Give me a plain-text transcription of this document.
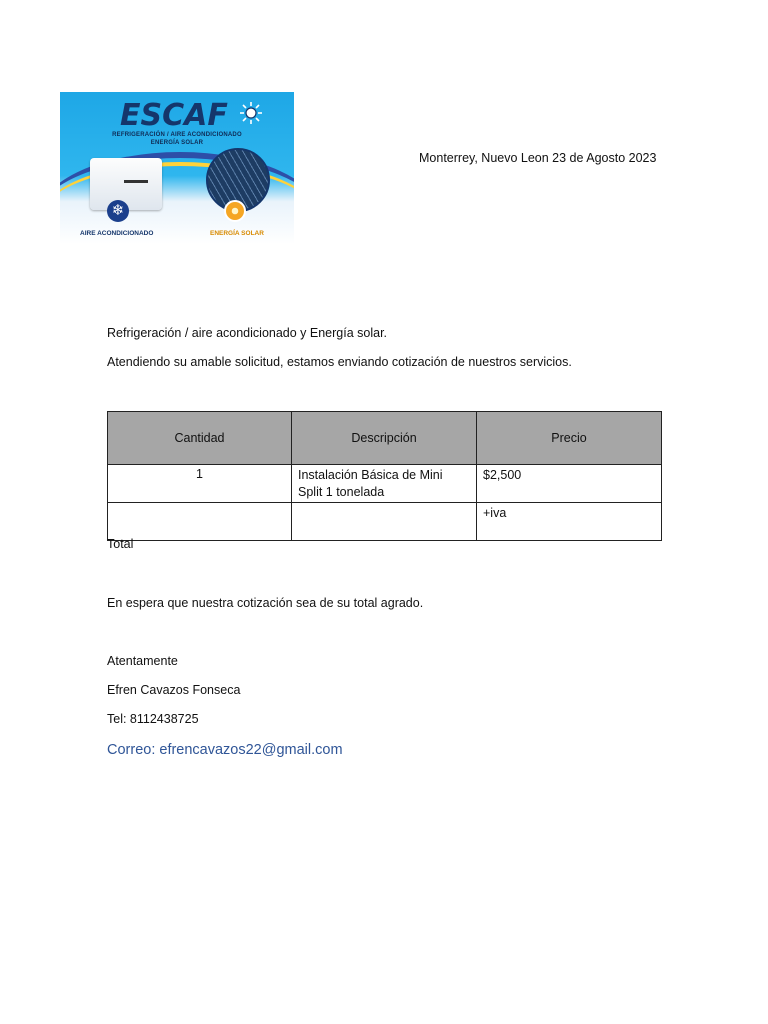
ESCAF
REFRIGERACIÓN / AIRE ACONDICIONADO
ENERGÍA SOLAR
❄
AIRE ACONDICIONADO	ENERGÍA SOLAR
Monterrey, Nuevo Leon 23 de Agosto 2023
Refrigeración / aire acondicionado y Energía solar.
Atendiendo su amable solicitud, estamos enviando cotización de nuestros servicios.
Cantidad	Descripción	Precio
1	Instalación Básica de Mini Split 1 tonelada	$2,500
		+iva
Total
En espera que nuestra cotización sea de su total agrado.
Atentamente
Efren Cavazos Fonseca
Tel: 8112438725
Correo: efrencavazos22@gmail.com
